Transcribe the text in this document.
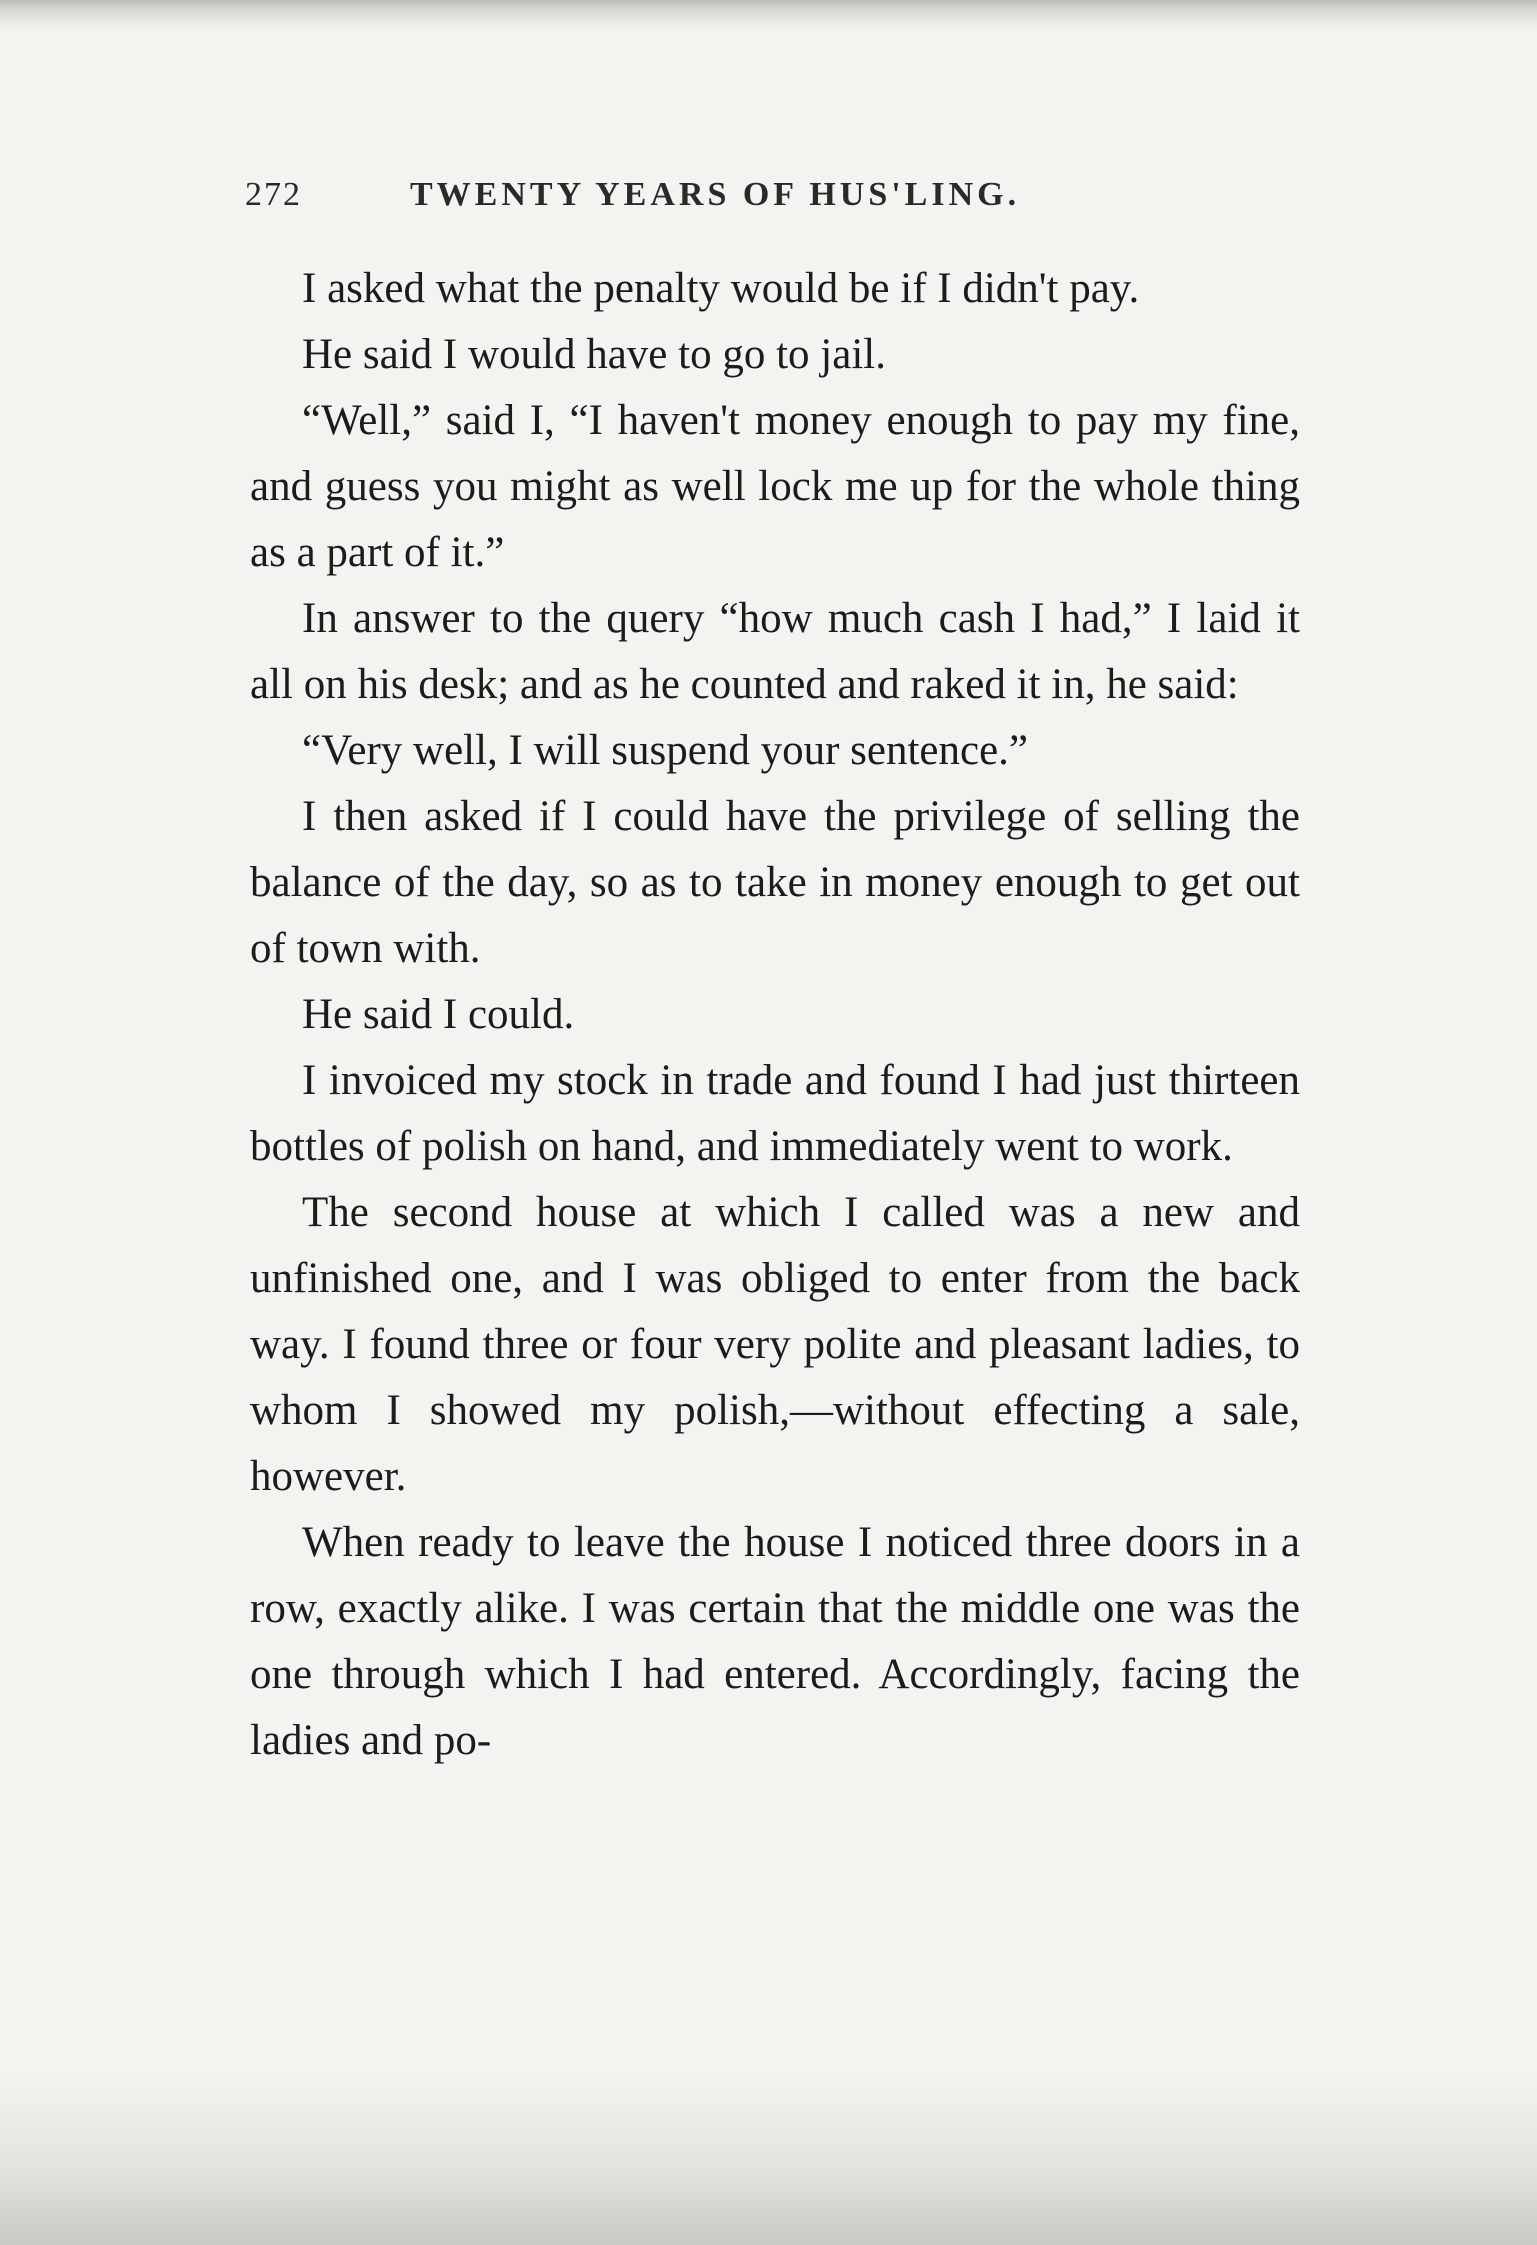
272	TWENTY YEARS OF HUS'LING.

I asked what the penalty would be if I didn't pay.

He said I would have to go to jail.

“Well,” said I, “I haven't money enough to pay my fine, and guess you might as well lock me up for the whole thing as a part of it.”

In answer to the query “how much cash I had,” I laid it all on his desk; and as he counted and raked it in, he said:

“Very well, I will suspend your sentence.”

I then asked if I could have the privilege of selling the balance of the day, so as to take in money enough to get out of town with.

He said I could.

I invoiced my stock in trade and found I had just thirteen bottles of polish on hand, and immediately went to work.

The second house at which I called was a new and unfinished one, and I was obliged to enter from the back way. I found three or four very polite and pleasant ladies, to whom I showed my polish,—without effecting a sale, however.

When ready to leave the house I noticed three doors in a row, exactly alike. I was certain that the middle one was the one through which I had entered. Accordingly, facing the ladies and po-
